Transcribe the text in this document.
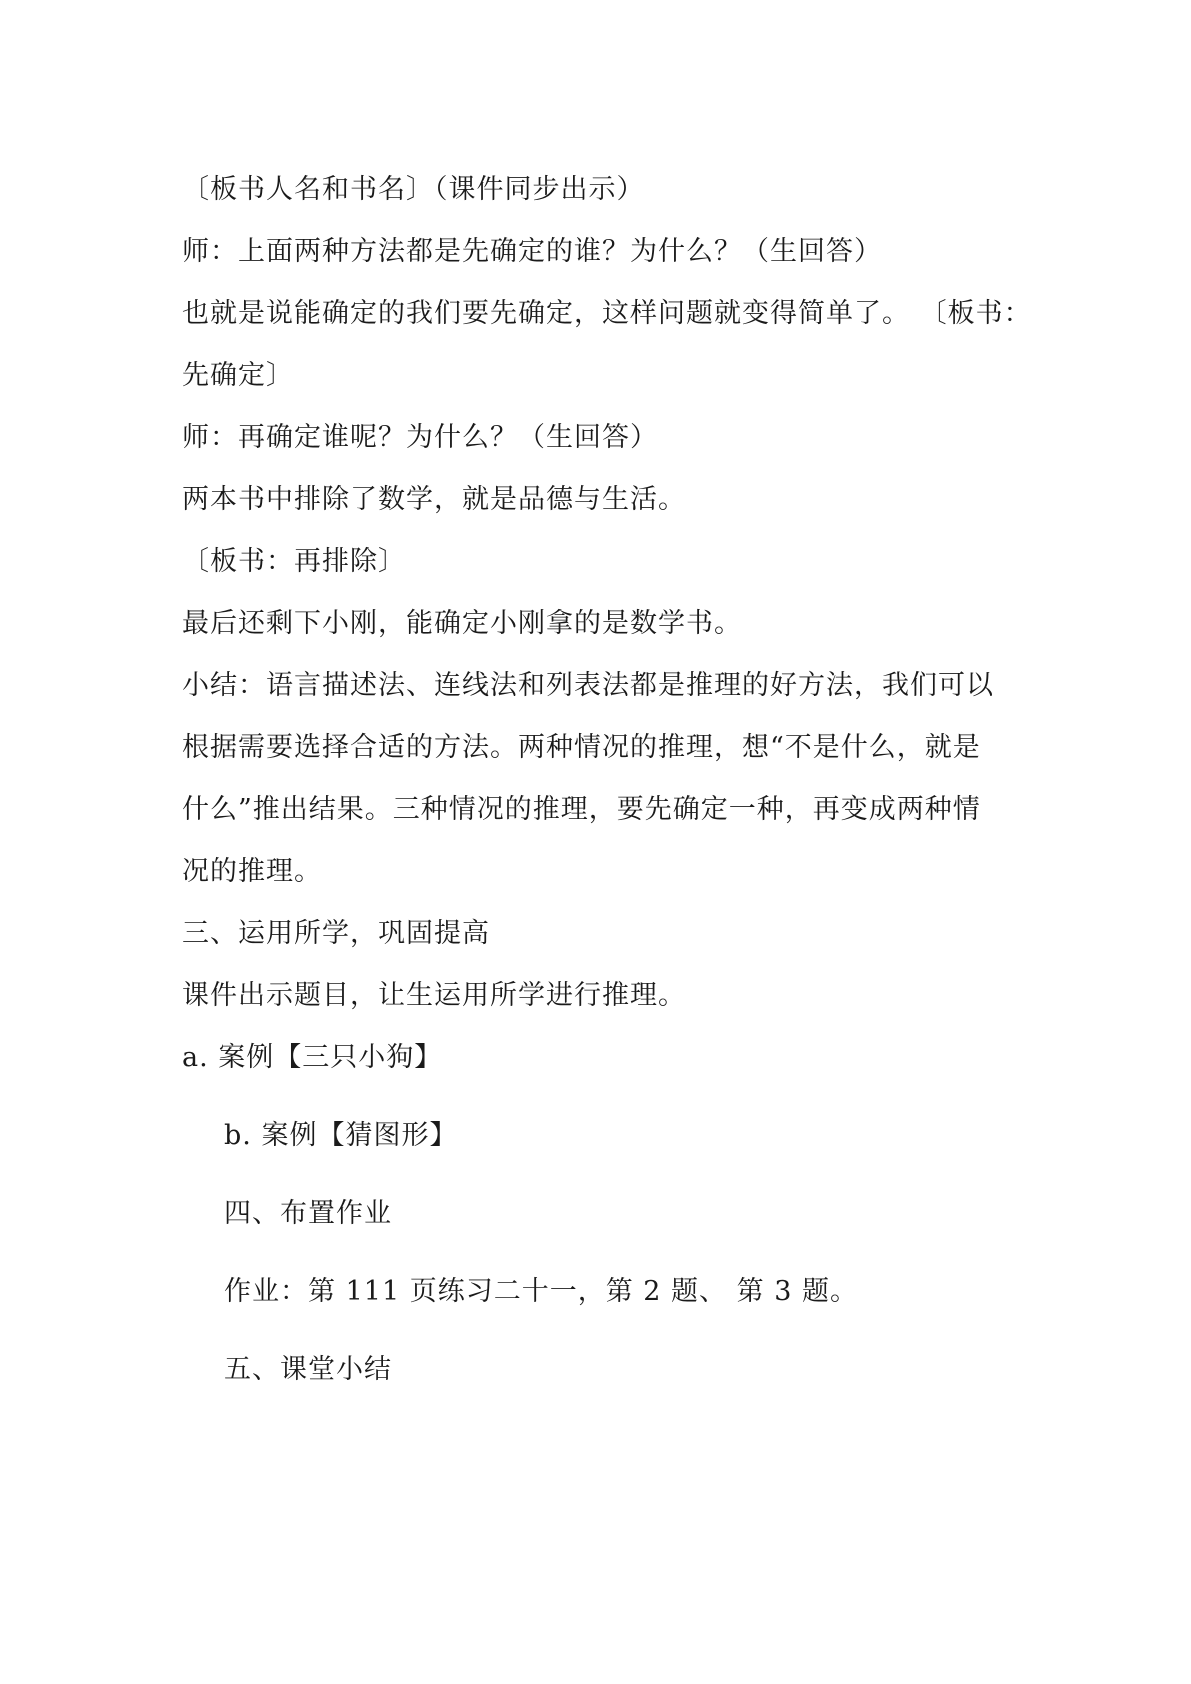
〔板书人名和书名〕（课件同步出示）
师：上面两种方法都是先确定的谁？为什么？（生回答）
也就是说能确定的我们要先确定，这样问题就变得简单了。 〔板书：
先确定〕
师：再确定谁呢？为什么？（生回答）
两本书中排除了数学，就是品德与生活。
〔板书：再排除〕
最后还剩下小刚，能确定小刚拿的是数学书。
小结：语言描述法、连线法和列表法都是推理的好方法，我们可以
根据需要选择合适的方法。两种情况的推理，想“不是什么，就是
什么”推出结果。三种情况的推理，要先确定一种，再变成两种情
况的推理。
三、运用所学，巩固提高
课件出示题目，让生运用所学进行推理。
a. 案例【三只小狗】
b. 案例【猜图形】
四、布置作业
作业：第 111 页练习二十一，第 2 题、 第 3 题。
五、课堂小结
